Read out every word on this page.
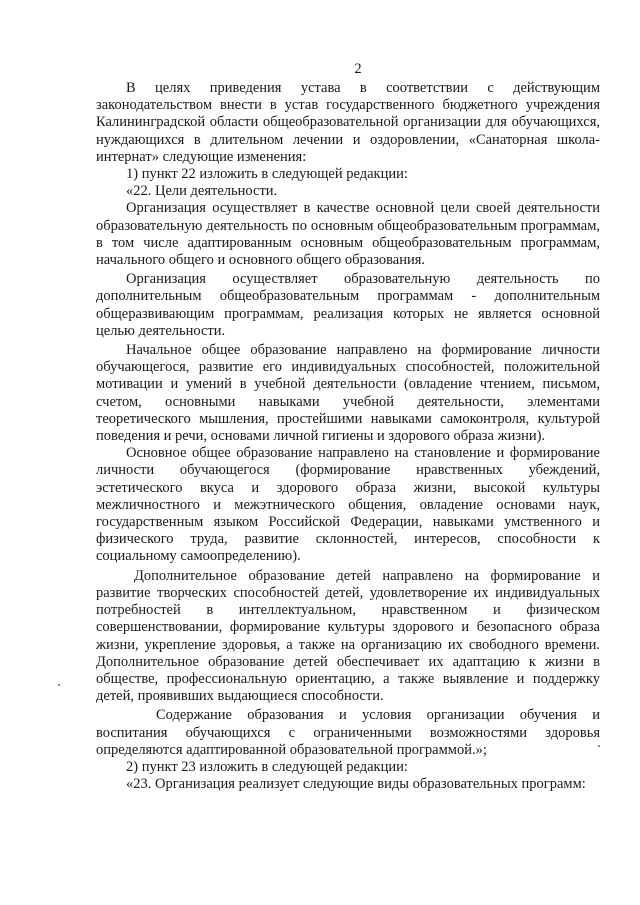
2

В целях приведения устава в соответствии с действующим законодательством внести в устав государственного бюджетного учреждения Калининградской области общеобразовательной организации для обучающихся, нуждающихся в длительном лечении и оздоровлении, «Санаторная школа-интернат» следующие изменения:

1) пункт 22 изложить в следующей редакции:

«22. Цели деятельности.

Организация осуществляет в качестве основной цели своей деятельности образовательную деятельность по основным общеобразовательным программам, в том числе адаптированным основным общеобразовательным программам, начального общего и основного общего образования.

Организация осуществляет образовательную деятельность по дополнительным общеобразовательным программам - дополнительным общеразвивающим программам, реализация которых не является основной целью деятельности.

Начальное общее образование направлено на формирование личности обучающегося, развитие его индивидуальных способностей, положительной мотивации и умений в учебной деятельности (овладение чтением, письмом, счетом, основными навыками учебной деятельности, элементами теоретического мышления, простейшими навыками самоконтроля, культурой поведения и речи, основами личной гигиены и здорового образа жизни).

Основное общее образование направлено на становление и формирование личности обучающегося (формирование нравственных убеждений, эстетического вкуса и здорового образа жизни, высокой культуры межличностного и межэтнического общения, овладение основами наук, государственным языком Российской Федерации, навыками умственного и физического труда, развитие склонностей, интересов, способности к социальному самоопределению).

Дополнительное образование детей направлено на формирование и развитие творческих способностей детей, удовлетворение их индивидуальных потребностей в интеллектуальном, нравственном и физическом совершенствовании, формирование культуры здорового и безопасного образа жизни, укрепление здоровья, а также на организацию их свободного времени. Дополнительное образование детей обеспечивает их адаптацию к жизни в обществе, профессиональную ориентацию, а также выявление и поддержку детей, проявивших выдающиеся способности.

Содержание образования и условия организации обучения и воспитания обучающихся с ограниченными возможностями здоровья определяются адаптированной образовательной программой.»;

2) пункт 23 изложить в следующей редакции:

«23. Организация реализует следующие виды образовательных программ:
